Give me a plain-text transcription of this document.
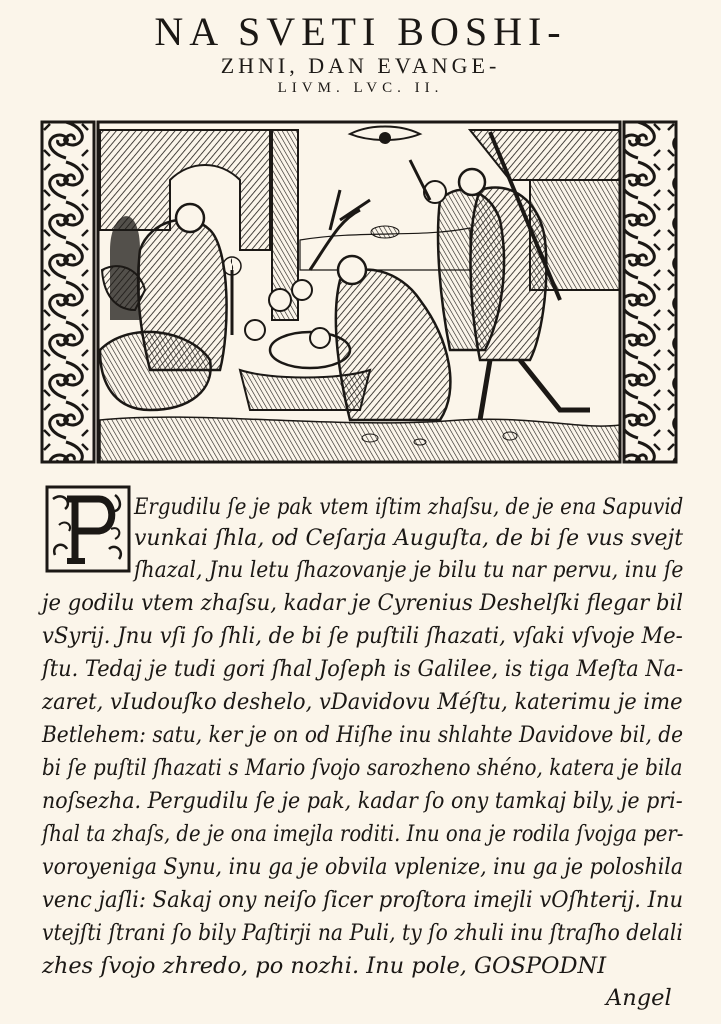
NA SVETI BOSHI-
ZHNI, DAN EVANGE-
LIVM. LVC. II.
Ergudilu ſe je pak vtem iſtim zhaſsu, de je ena Sapuvid
vunkai ſhla, od Ceſarja Auguſta, de bi ſe vus svejt
ſhazal, Jnu letu ſhazovanje je bilu tu nar pervu, inu ſe
je godilu vtem zhaſsu, kadar je Cyrenius Deshelſki flegar bil
vSyrij. Jnu vſi ſo ſhli, de bi ſe puſtili ſhazati, vſaki vſvoje Me-
ſtu. Tedaj je tudi gori ſhal Joſeph is Galilee, is tiga Meſta Na-
zaret, vIudouſko deshelo, vDavidovu Méſtu, katerimu je ime
Betlehem: satu, ker je on od Hiſhe inu shlahte Davidove bil, de
bi ſe puſtil ſhazati s Mario ſvojo sarozheno shéno, katera je bila
noſsezha. Pergudilu ſe je pak, kadar ſo ony tamkaj bily, je pri-
ſhal ta zhaſs, de je ona imejla roditi. Inu ona je rodila ſvojga per-
voroyeniga Synu, inu ga je obvila vplenize, inu ga je poloshila
venc jaſli: Sakaj ony neiſo ſicer proſtora imejli vOſhterij. Inu
vtejſti ſtrani ſo bily Paſtirji na Puli, ty ſo zhuli inu ſtraſho delali
zhes ſvojo zhredo, po nozhi. Inu pole, GOSPODNI
Angel
